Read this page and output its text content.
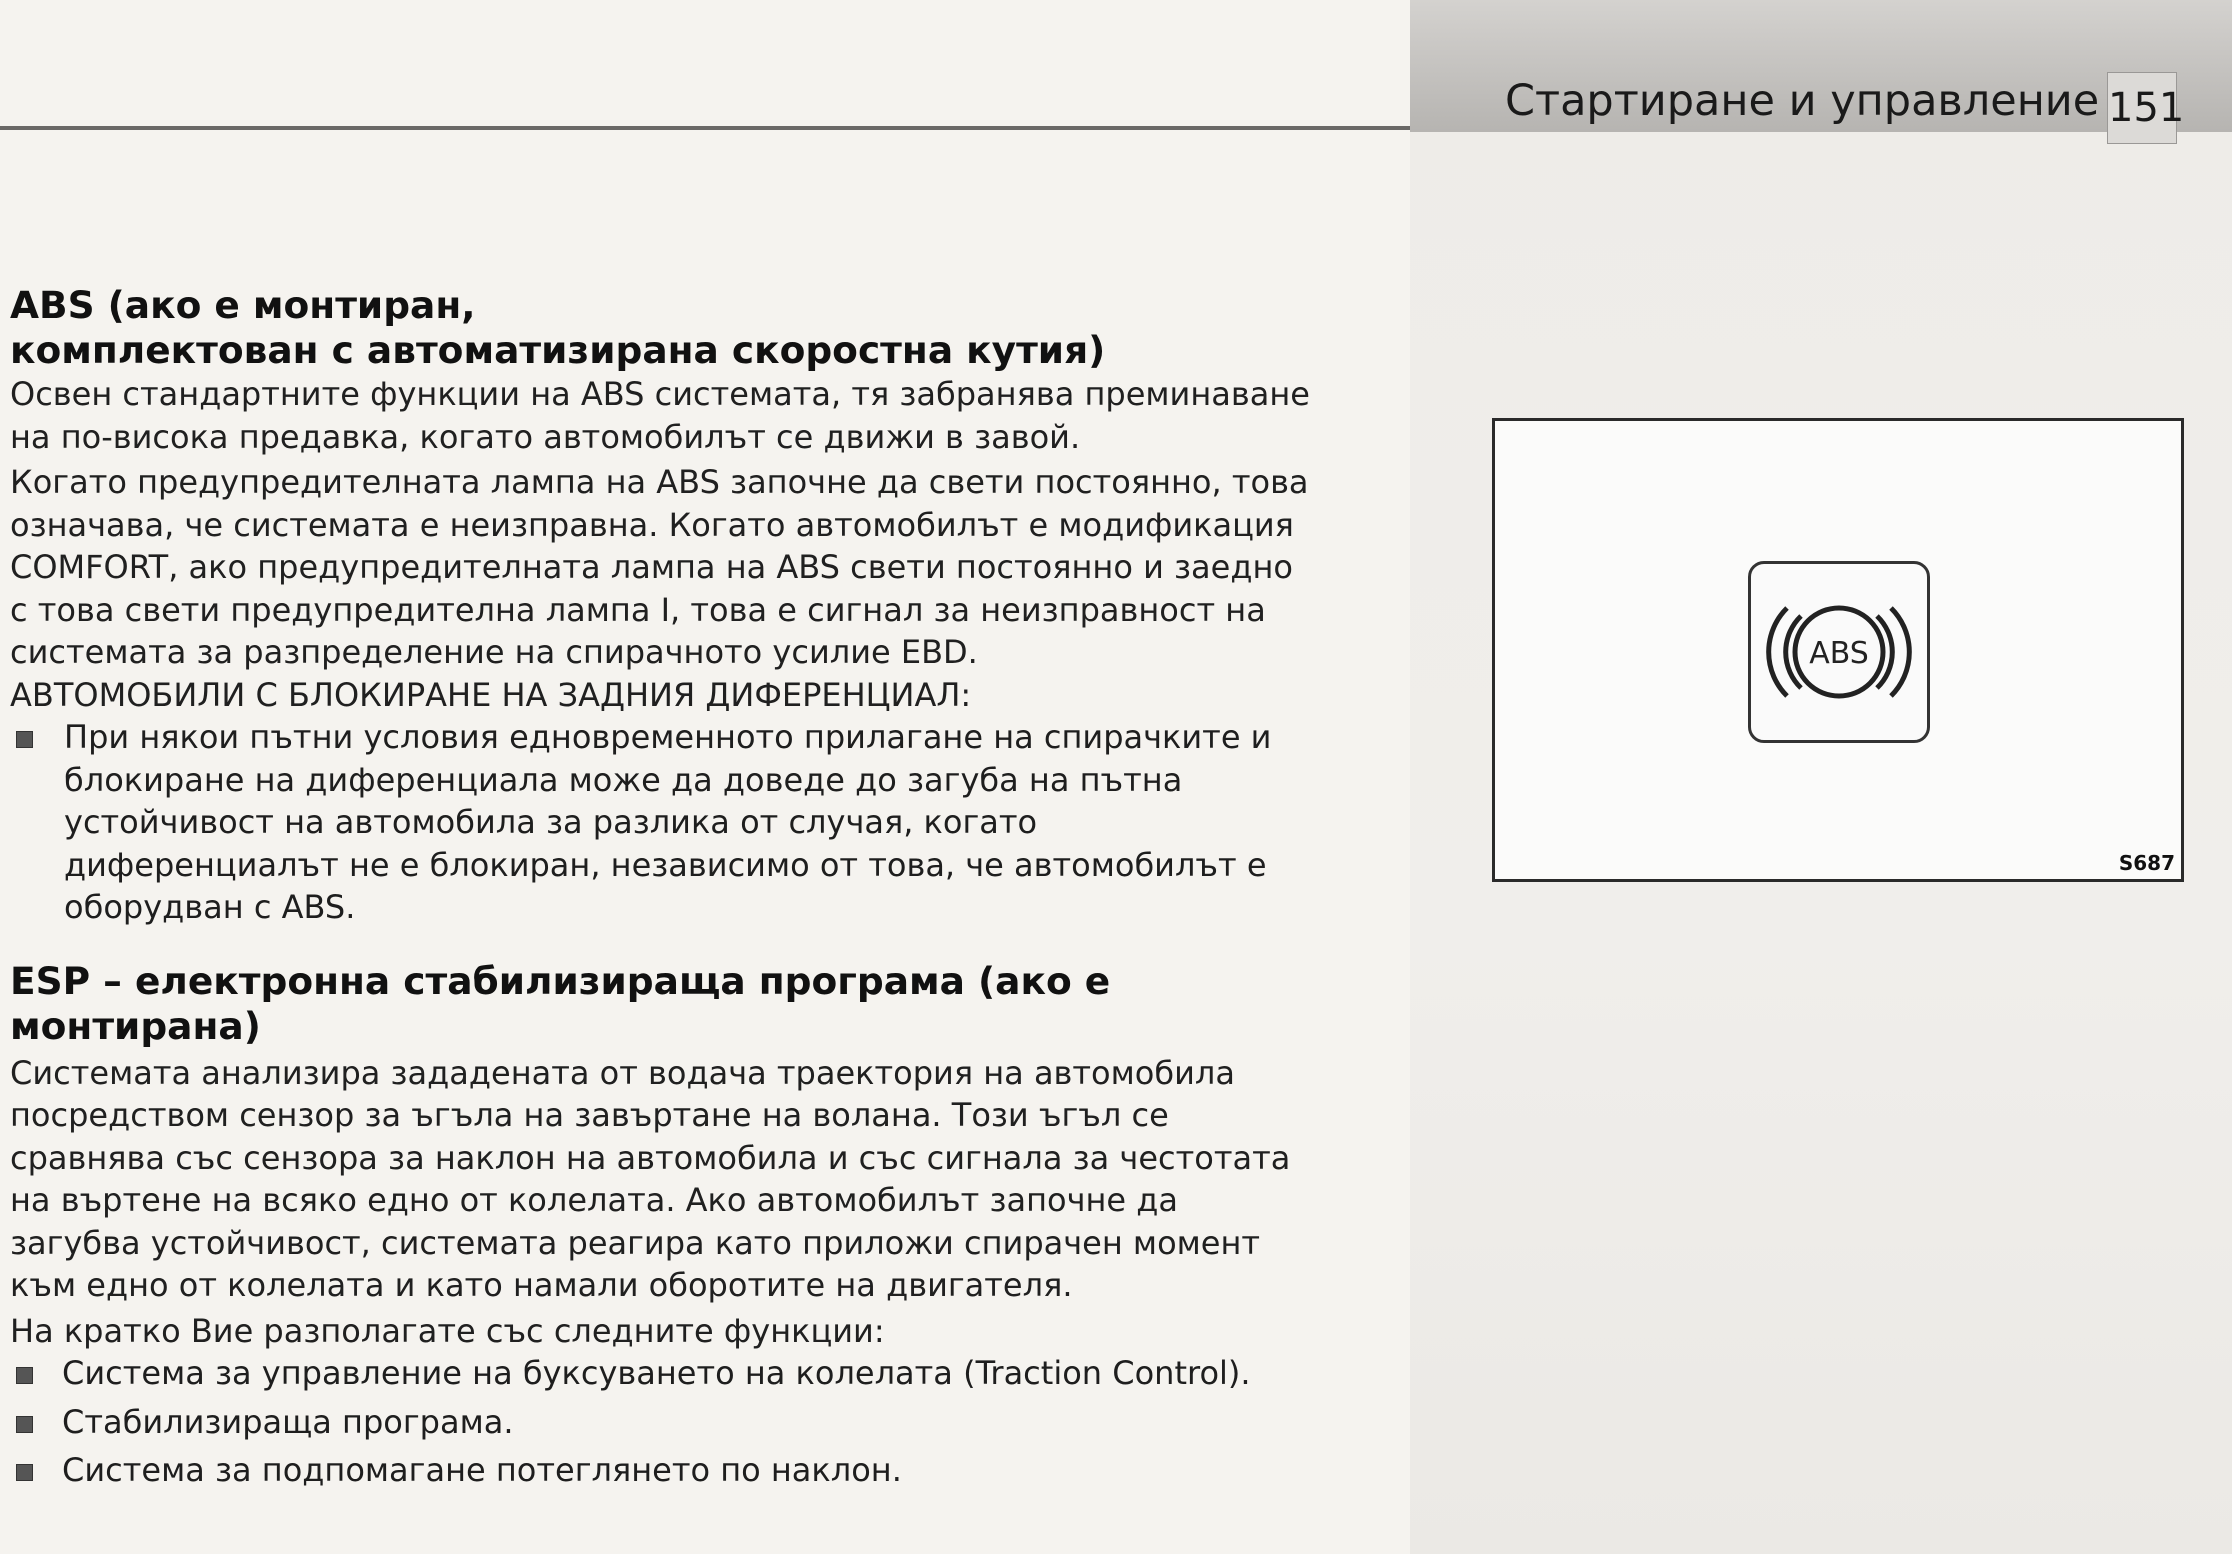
Стартиране и управление 151
ABS (ако е монтиран,
комплектован с автоматизирана скоростна кутия)

Освен стандартните функции на ABS системата, тя забранява преминаване на по-висока предавка, когато автомобилът се движи в завой.

Когато предупредителната лампа на ABS започне да свети постоянно, това означава, че системата е неизправна. Когато автомобилът е модификация COMFORT, ако предупредителната лампа на ABS свети постоянно и заедно с това свети предупредителна лампа I, това е сигнал за неизправност на системата за разпределение на спирачното усилие EBD.

АВТОМОБИЛИ С БЛОКИРАНЕ НА ЗАДНИЯ ДИФЕРЕНЦИАЛ:

При някои пътни условия едновременното прилагане на спирачките и блокиране на диференциала може да доведе до загуба на пътна устойчивост на автомобила за разлика от случая, когато диференциалът не е блокиран, независимо от това, че автомобилът е оборудван с ABS.
ESP – електронна стабилизираща програма (ако е монтирана)

Системата анализира зададената от водача траектория на автомобила посредством сензор за ъгъла на завъртане на волана. Този ъгъл се сравнява със сензора за наклон на автомобила и със сигнала за честотата на въртене на всяко едно от колелата. Ако автомобилът започне да загубва устойчивост, системата реагира като приложи спирачен момент към едно от колелата и като намали оборотите на двигателя.

На кратко Вие разполагате със следните функции:

Система за управление на буксуването на колелата (Traction Control).
Стабилизираща програма.
Система за подпомагане потеглянето по наклон.
ABS
S687
